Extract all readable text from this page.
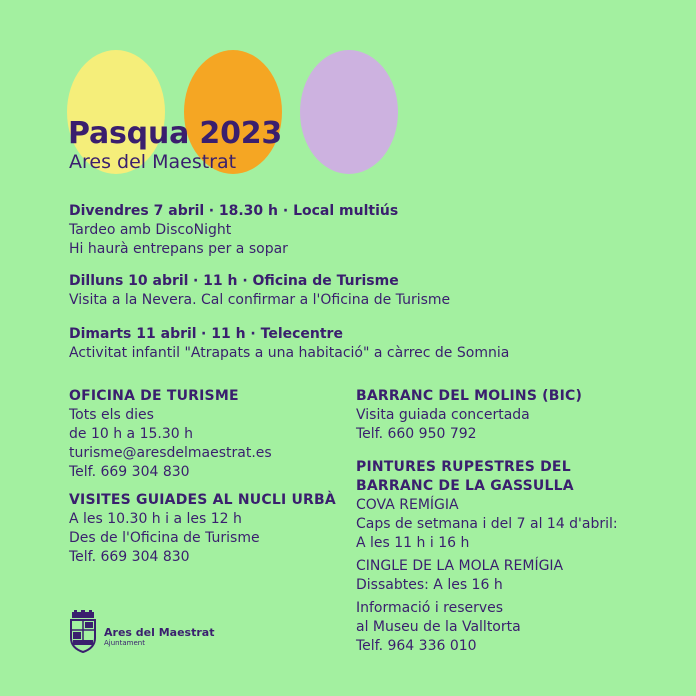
Pasqua 2023
Ares del Maestrat
Divendres 7 abril · 18.30 h · Local multiús
Tardeo amb DiscoNight
Hi haurà entrepans per a sopar
Dilluns 10 abril · 11 h · Oficina de Turisme
Visita a la Nevera. Cal confirmar a l'Oficina de Turisme
Dimarts 11 abril · 11 h · Telecentre
Activitat infantil "Atrapats a una habitació" a càrrec de Somnia
OFICINA DE TURISME
Tots els dies
de 10 h a 15.30 h
turisme@aresdelmaestrat.es
Telf. 669 304 830
VISITES GUIADES AL NUCLI URBÀ
A les 10.30 h i a les 12 h
Des de l'Oficina de Turisme
Telf. 669 304 830
BARRANC DEL MOLINS (BIC)
Visita guiada concertada
Telf. 660 950 792
PINTURES RUPESTRES DEL
BARRANC DE LA GASSULLA
COVA REMÍGIA
Caps de setmana i del 7 al 14 d'abril:
A les 11 h i 16 h
CINGLE DE LA MOLA REMÍGIA
Dissabtes: A les 16 h
Informació i reserves
al Museu de la Valltorta
Telf. 964 336 010
Ares del Maestrat
Ajuntament
